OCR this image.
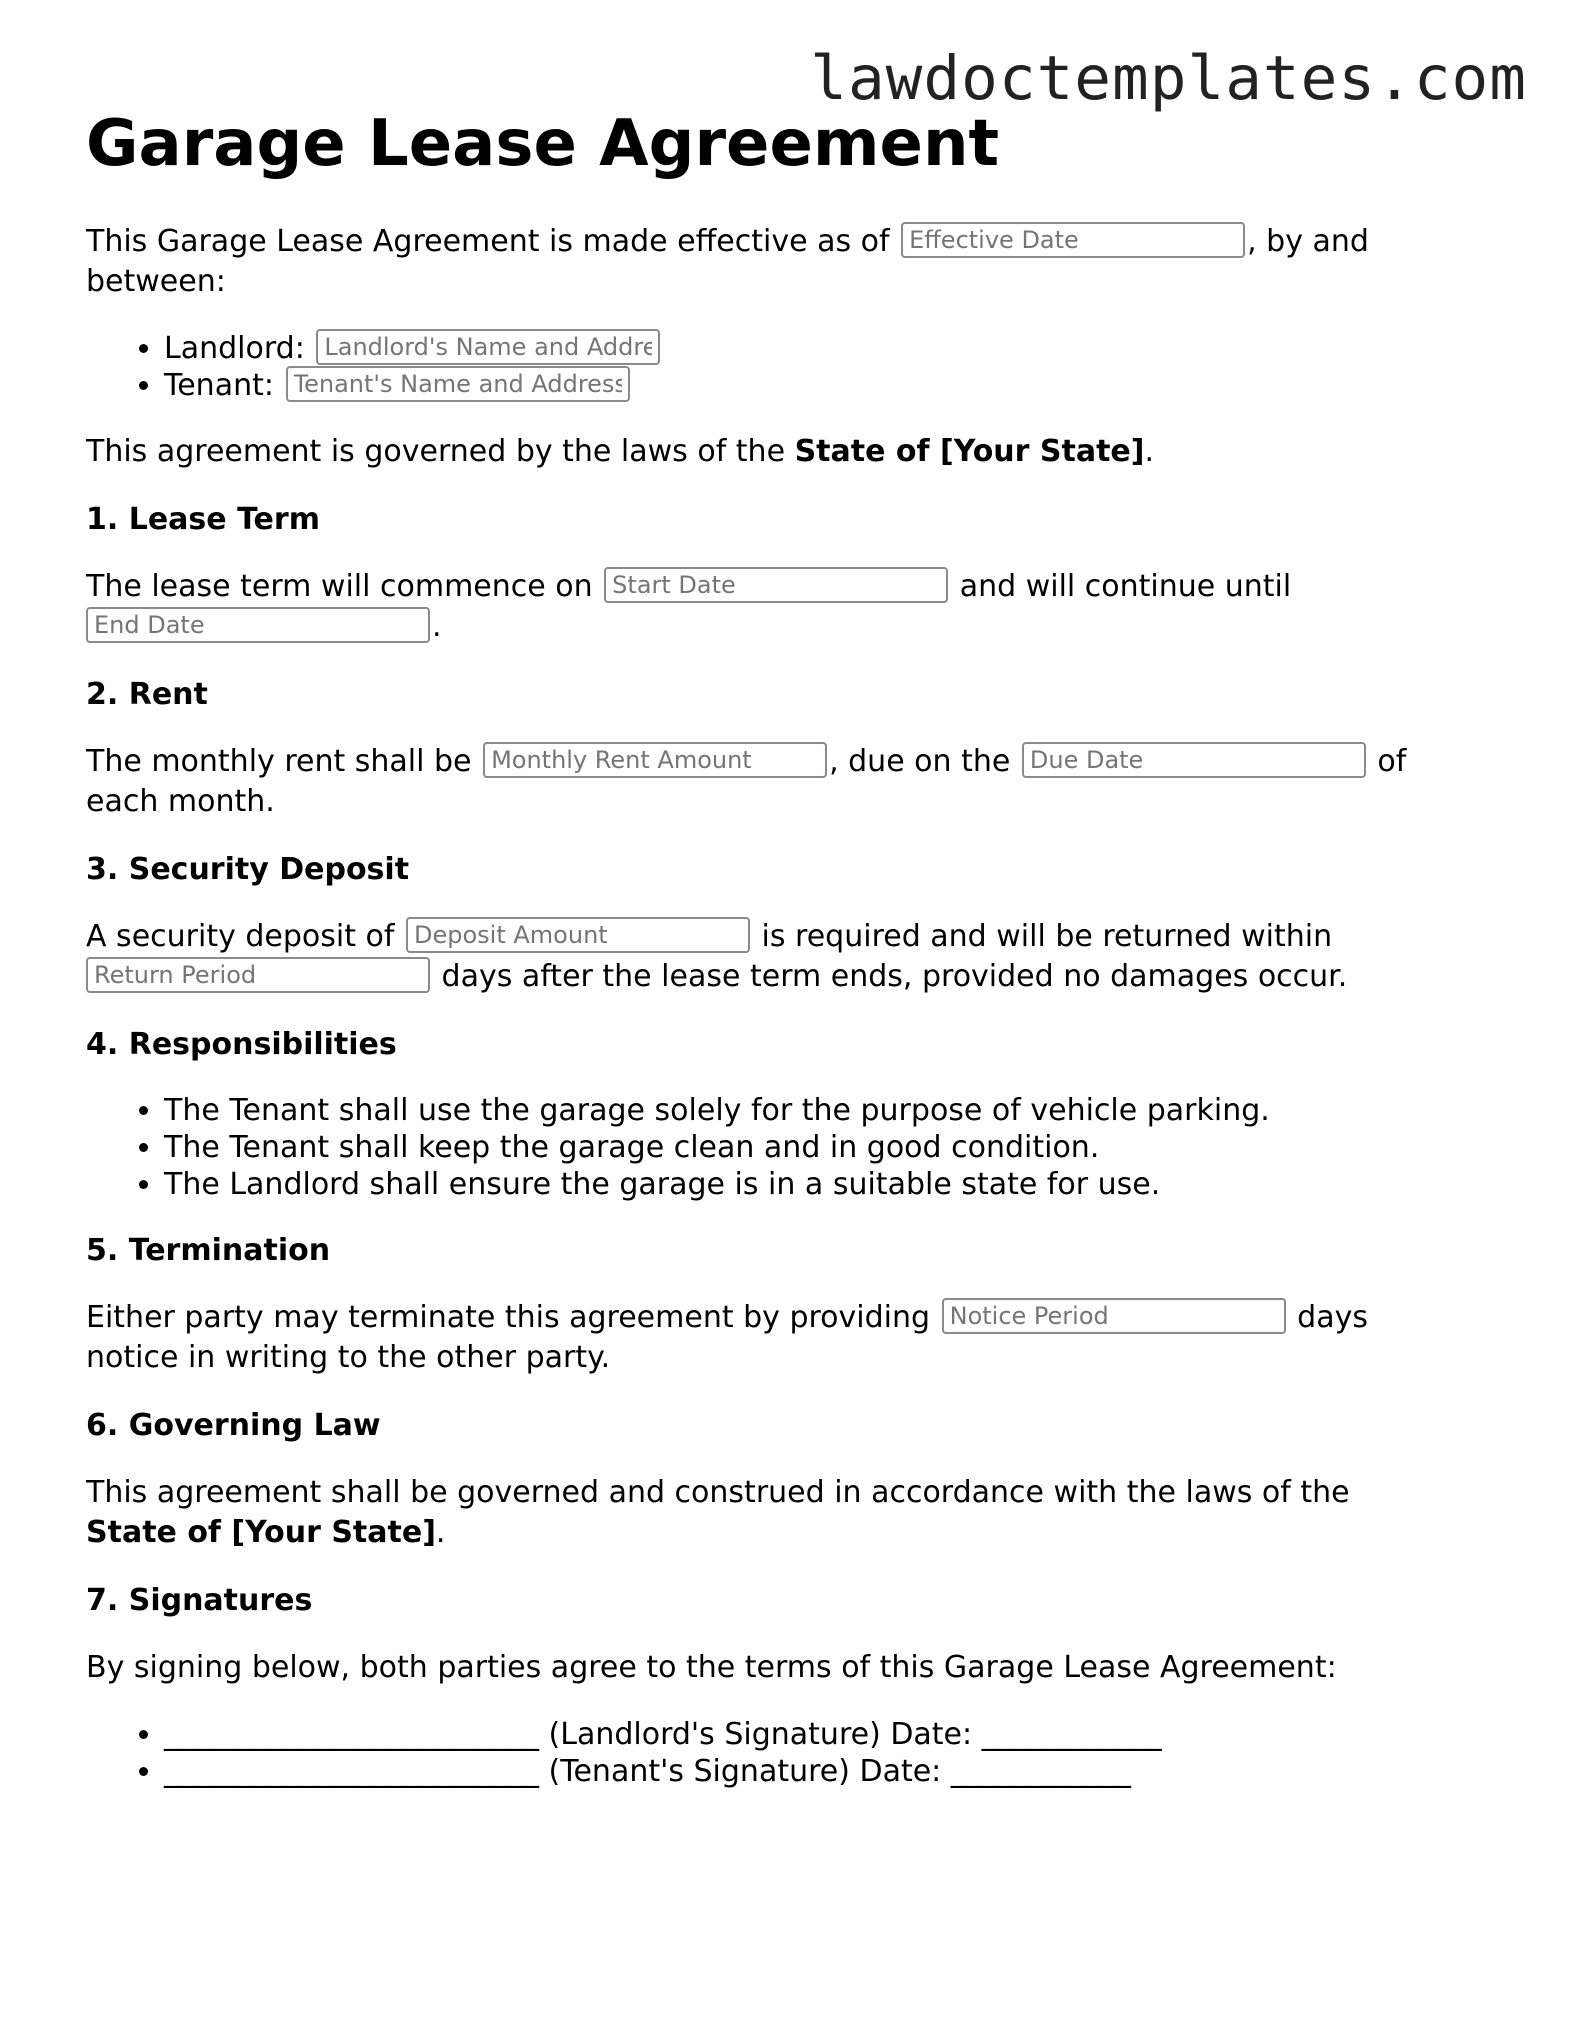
lawdoctemplates.com
Garage Lease Agreement

This Garage Lease Agreement is made effective as of Effective Date	, by and between:

• Landlord: Landlord's Name and Address
• Tenant: Tenant's Name and Address

This agreement is governed by the laws of the State of [Your State].

1. Lease Term

The lease term will commence on Start Date	and will continue until End Date.

2. Rent

The monthly rent shall be Monthly Rent Amount	, due on the Due Date	of each month.

3. Security Deposit

A security deposit of Deposit Amount	is required and will be returned within Return Period days after the lease term ends, provided no damages occur.

4. Responsibilities
• The Tenant shall use the garage solely for the purpose of vehicle parking.
• The Tenant shall keep the garage clean and in good condition.
• The Landlord shall ensure the garage is in a suitable state for use.
5. Termination

Either party may terminate this agreement by providing Notice Period	days notice in writing to the other party.

6. Governing Law

This agreement shall be governed and construed in accordance with the laws of the State of [Your State].

7. Signatures

By signing below, both parties agree to the terms of this Garage Lease Agreement:

• _________________________ (Landlord's Signature) Date: ____________
• _________________________ (Tenant's Signature) Date: ____________
